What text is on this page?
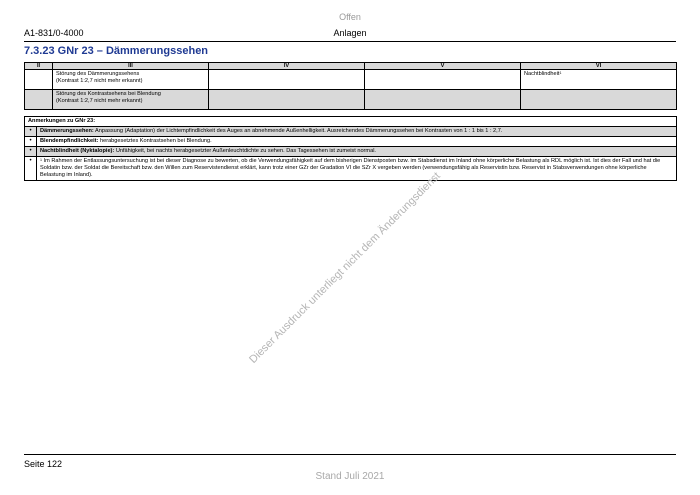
Offen
A1-831/0-4000	Anlagen
7.3.23 GNr 23 – Dämmerungssehen
II	III	IV	V	VI

	Störung des Dämmerungssehens
(Kontrast 1:2,7 nicht mehr erkannt)			Nachtblindheit$^1$

	Störung des Kontrastsehens bei Blendung
(Kontrast 1:2,7 nicht mehr erkannt)			

Anmerkungen zu GNr 23:	
•	Dämmerungssehen: Anpassung (Adaptation) der Lichtempfindlichkeit des Auges an abnehmende Außenhelligkeit. Ausreichendes Dämmerungssehen bei Kontrasten von 1 : 1 bis 1 : 2,7.
•	Blendempfindlichkeit: herabgesetztes Kontrastsehen bei Blendung.
•	Nachtblindheit (Nyktalopie): Unfähigkeit, bei nachts herabgesetzter Außenleuchtdichte zu sehen. Das Tagessehen ist zumeist normal.
•	$^1$ Im Rahmen der Entlassungsuntersuchung ist bei dieser Diagnose zu bewerten, ob die Verwendungsfähigkeit auf dem bisherigen Dienstposten bzw. im Stabsdienst im Inland ohne körperliche Belastung als RDL möglich ist. Ist dies der Fall und hat die Soldatin bzw. der Soldat die Bereitschaft bzw. den Willen zum Reservistendienst erklärt, kann trotz einer GZr der Gradation VI die SZr X vergeben werden (verwendungsfähig als Reservistin bzw. Reservist in Stabsverwendungen ohne körperliche Belastung im Inland).	Dieser Ausdruck unterliegt nicht dem Änderungsdienst
Seite 122
Stand Juli 2021
